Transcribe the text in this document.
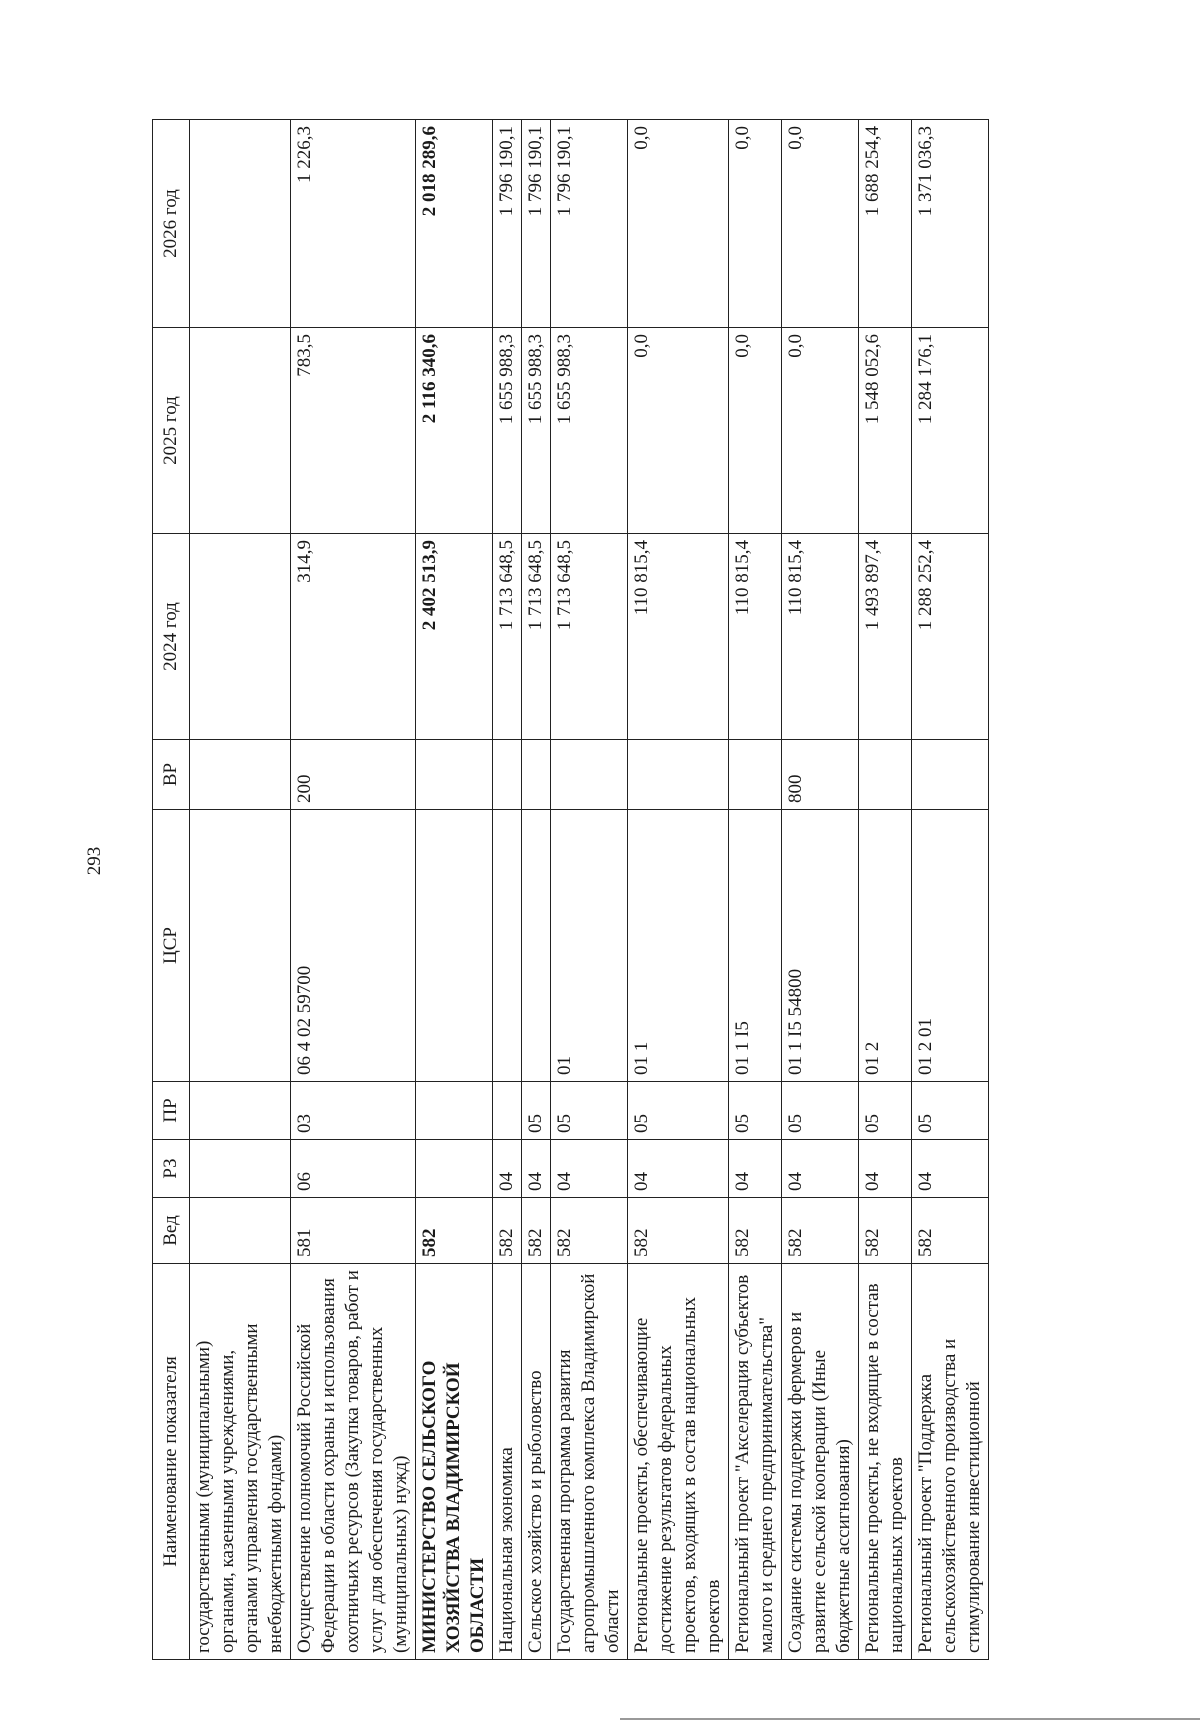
293
Наименование показателя	Вед	РЗ	ПР	ЦСР	ВР	2024 год	2025 год	2026 год
государственными (муниципальными) органами, казенными учреждениями, органами управления государственными внебюджетными фондами)								
Осуществление полномочий Российской Федерации в области охраны и использования охотничьих ресурсов (Закупка товаров, работ и услуг для обеспечения государственных (муниципальных) нужд)	581	06	03	06 4 02 59700	200	314,9	783,5	1 226,3
МИНИСТЕРСТВО СЕЛЬСКОГО ХОЗЯЙСТВА ВЛАДИМИРСКОЙ ОБЛАСТИ	582					2 402 513,9	2 116 340,6	2 018 289,6
Национальная экономика	582	04				1 713 648,5	1 655 988,3	1 796 190,1
Сельское хозяйство и рыболовство	582	04	05			1 713 648,5	1 655 988,3	1 796 190,1
Государственная программа развития агропромышленного комплекса Владимирской области	582	04	05	01		1 713 648,5	1 655 988,3	1 796 190,1
Региональные проекты, обеспечивающие достижение результатов федеральных проектов, входящих в состав национальных проектов	582	04	05	01 1		110 815,4	0,0	0,0
Региональный проект "Акселерация субъектов малого и среднего предпринимательства"	582	04	05	01 1 I5		110 815,4	0,0	0,0
Создание системы поддержки фермеров и развитие сельской кооперации (Иные бюджетные ассигнования)	582	04	05	01 1 I5 54800	800	110 815,4	0,0	0,0
Региональные проекты, не входящие в состав национальных проектов	582	04	05	01 2		1 493 897,4	1 548 052,6	1 688 254,4
Региональный проект "Поддержка сельскохозяйственного производства и стимулирование инвестиционной	582	04	05	01 2 01		1 288 252,4	1 284 176,1	1 371 036,3
